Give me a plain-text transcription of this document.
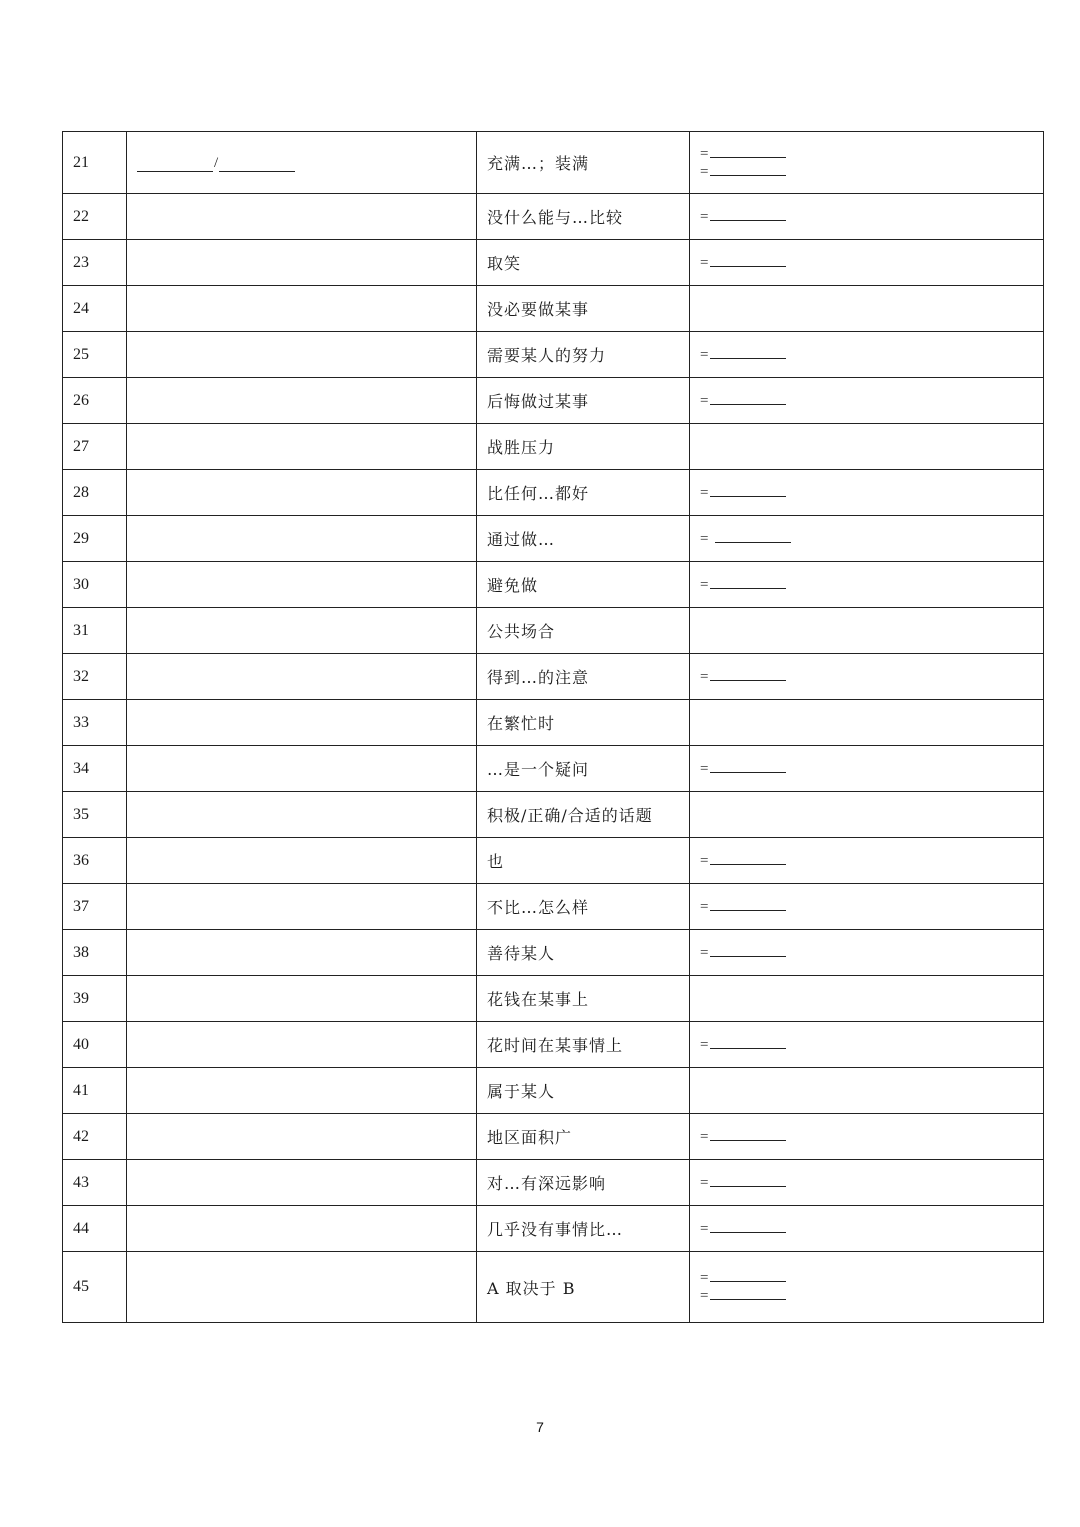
21	/	充满…；装满	=
=

22		没什么能与…比较	=

23		取笑	=

24		没必要做某事	
25		需要某人的努力	=

26		后悔做过某事	=

27		战胜压力	
28		比任何…都好	=

29		通过做…	=

30		避免做	=

31		公共场合	
32		得到…的注意	=

33		在繁忙时	
34		…是一个疑问	=

35		积极/正确/合适的话题	
36		也	=

37		不比…怎么样	=

38		善待某人	=

39		花钱在某事上	
40		花时间在某事情上	=

41		属于某人	
42		地区面积广	=

43		对…有深远影响	=

44		几乎没有事情比…	=

45		A 取决于 B	=
=
7
